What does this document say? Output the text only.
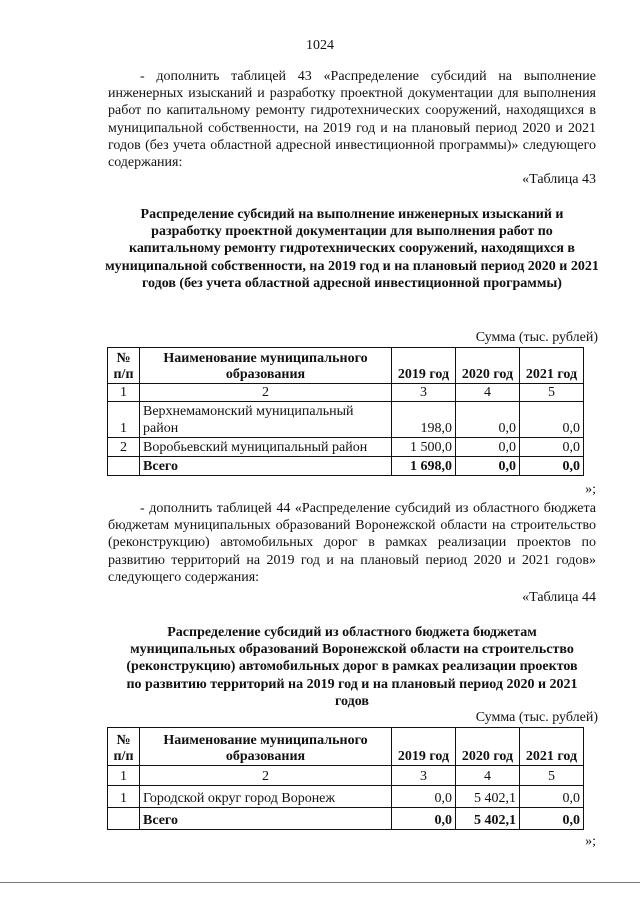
1024
- дополнить таблицей 43 «Распределение субсидий на выполнение инженерных изысканий и разработку проектной документации для выполнения работ по капитальному ремонту гидротехнических сооружений, находящихся в муниципальной собственности, на 2019 год и на плановый период 2020 и 2021 годов (без учета областной адресной инвестиционной программы)» следующего содержания:
«Таблица 43
Распределение субсидий на выполнение инженерных изысканий и разработку проектной документации для выполнения работ по капитальному ремонту гидротехнических сооружений, находящихся в муниципальной собственности, на 2019 год и на плановый период 2020 и 2021 годов (без учета областной адресной инвестиционной программы)
Сумма (тыс. рублей)
№ п/п	Наименование муниципального образования	2019 год	2020 год	2021 год
1	2	3	4	5
1	Верхнемамонский муниципальный район	198,0	0,0	0,0
2	Воробьевский муниципальный район	1 500,0	0,0	0,0
	Всего	1 698,0	0,0	0,0
»;
- дополнить таблицей 44 «Распределение субсидий из областного бюджета бюджетам муниципальных образований Воронежской области на строительство (реконструкцию) автомобильных дорог в рамках реализации проектов по развитию территорий на 2019 год и на плановый период 2020 и 2021 годов» следующего содержания:
«Таблица 44
Распределение субсидий из областного бюджета бюджетам муниципальных образований Воронежской области на строительство (реконструкцию) автомобильных дорог в рамках реализации проектов по развитию территорий на 2019 год и на плановый период 2020 и 2021 годов
Сумма (тыс. рублей)
№ п/п	Наименование муниципального образования	2019 год	2020 год	2021 год
1	2	3	4	5
1	Городской округ город Воронеж	0,0	5 402,1	0,0
	Всего	0,0	5 402,1	0,0
»;
